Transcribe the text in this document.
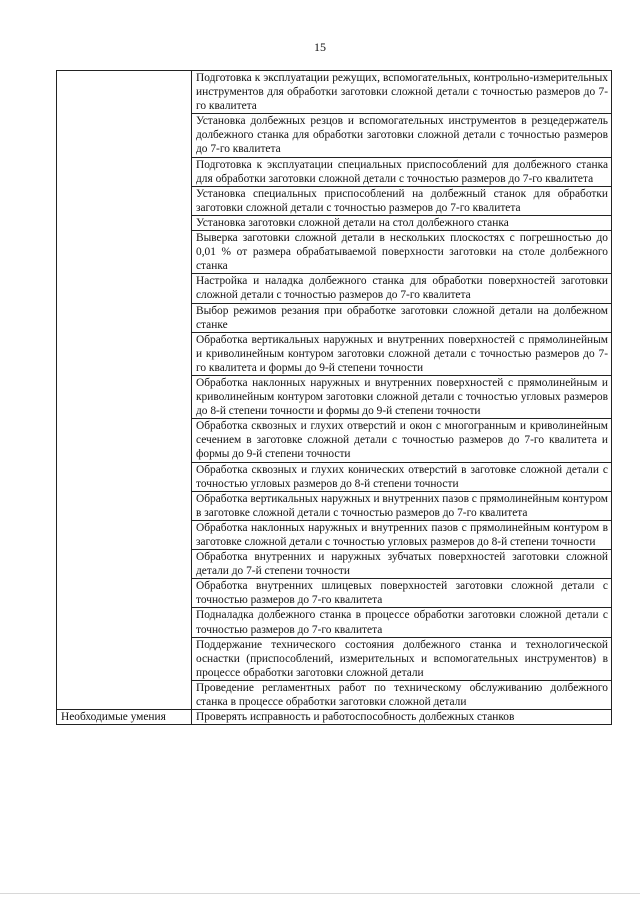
15
	Подготовка к эксплуатации режущих, вспомогательных, контрольно-измерительных инструментов для обработки заготовки сложной детали с точностью размеров до 7-го квалитета
	Установка долбежных резцов и вспомогательных инструментов в резцедержатель долбежного станка для обработки заготовки сложной детали с точностью размеров до 7-го квалитета
	Подготовка к эксплуатации специальных приспособлений для долбежного станка для обработки заготовки сложной детали с точностью размеров до 7-го квалитета
	Установка специальных приспособлений на долбежный станок для обработки заготовки сложной детали с точностью размеров до 7-го квалитета
	Установка заготовки сложной детали на стол долбежного станка
	Выверка заготовки сложной детали в нескольких плоскостях с погрешностью до 0,01 % от размера обрабатываемой поверхности заготовки на столе долбежного станка
	Настройка и наладка долбежного станка для обработки поверхностей заготовки сложной детали с точностью размеров до 7-го квалитета
	Выбор режимов резания при обработке заготовки сложной детали на долбежном станке
	Обработка вертикальных наружных и внутренних поверхностей с прямолинейным и криволинейным контуром заготовки сложной детали с точностью размеров до 7-го квалитета и формы до 9-й степени точности
	Обработка наклонных наружных и внутренних поверхностей с прямолинейным и криволинейным контуром заготовки сложной детали с точностью угловых размеров до 8-й степени точности и формы до 9-й степени точности
	Обработка сквозных и глухих отверстий и окон с многогранным и криволинейным сечением в заготовке сложной детали с точностью размеров до 7-го квалитета и формы до 9-й степени точности
	Обработка сквозных и глухих конических отверстий в заготовке сложной детали с точностью угловых размеров до 8-й степени точности
	Обработка вертикальных наружных и внутренних пазов с прямолинейным контуром в заготовке сложной детали с точностью размеров до 7-го квалитета
	Обработка наклонных наружных и внутренних пазов с прямолинейным контуром в заготовке сложной детали с точностью угловых размеров до 8-й степени точности
	Обработка внутренних и наружных зубчатых поверхностей заготовки сложной детали до 7-й степени точности
	Обработка внутренних шлицевых поверхностей заготовки сложной детали с точностью размеров до 7-го квалитета
	Подналадка долбежного станка в процессе обработки заготовки сложной детали с точностью размеров до 7-го квалитета
	Поддержание технического состояния долбежного станка и технологической оснастки (приспособлений, измерительных и вспомогательных инструментов) в процессе обработки заготовки сложной детали
	Проведение регламентных работ по техническому обслуживанию долбежного станка в процессе обработки заготовки сложной детали
Необходимые умения	Проверять исправность и работоспособность долбежных станков
